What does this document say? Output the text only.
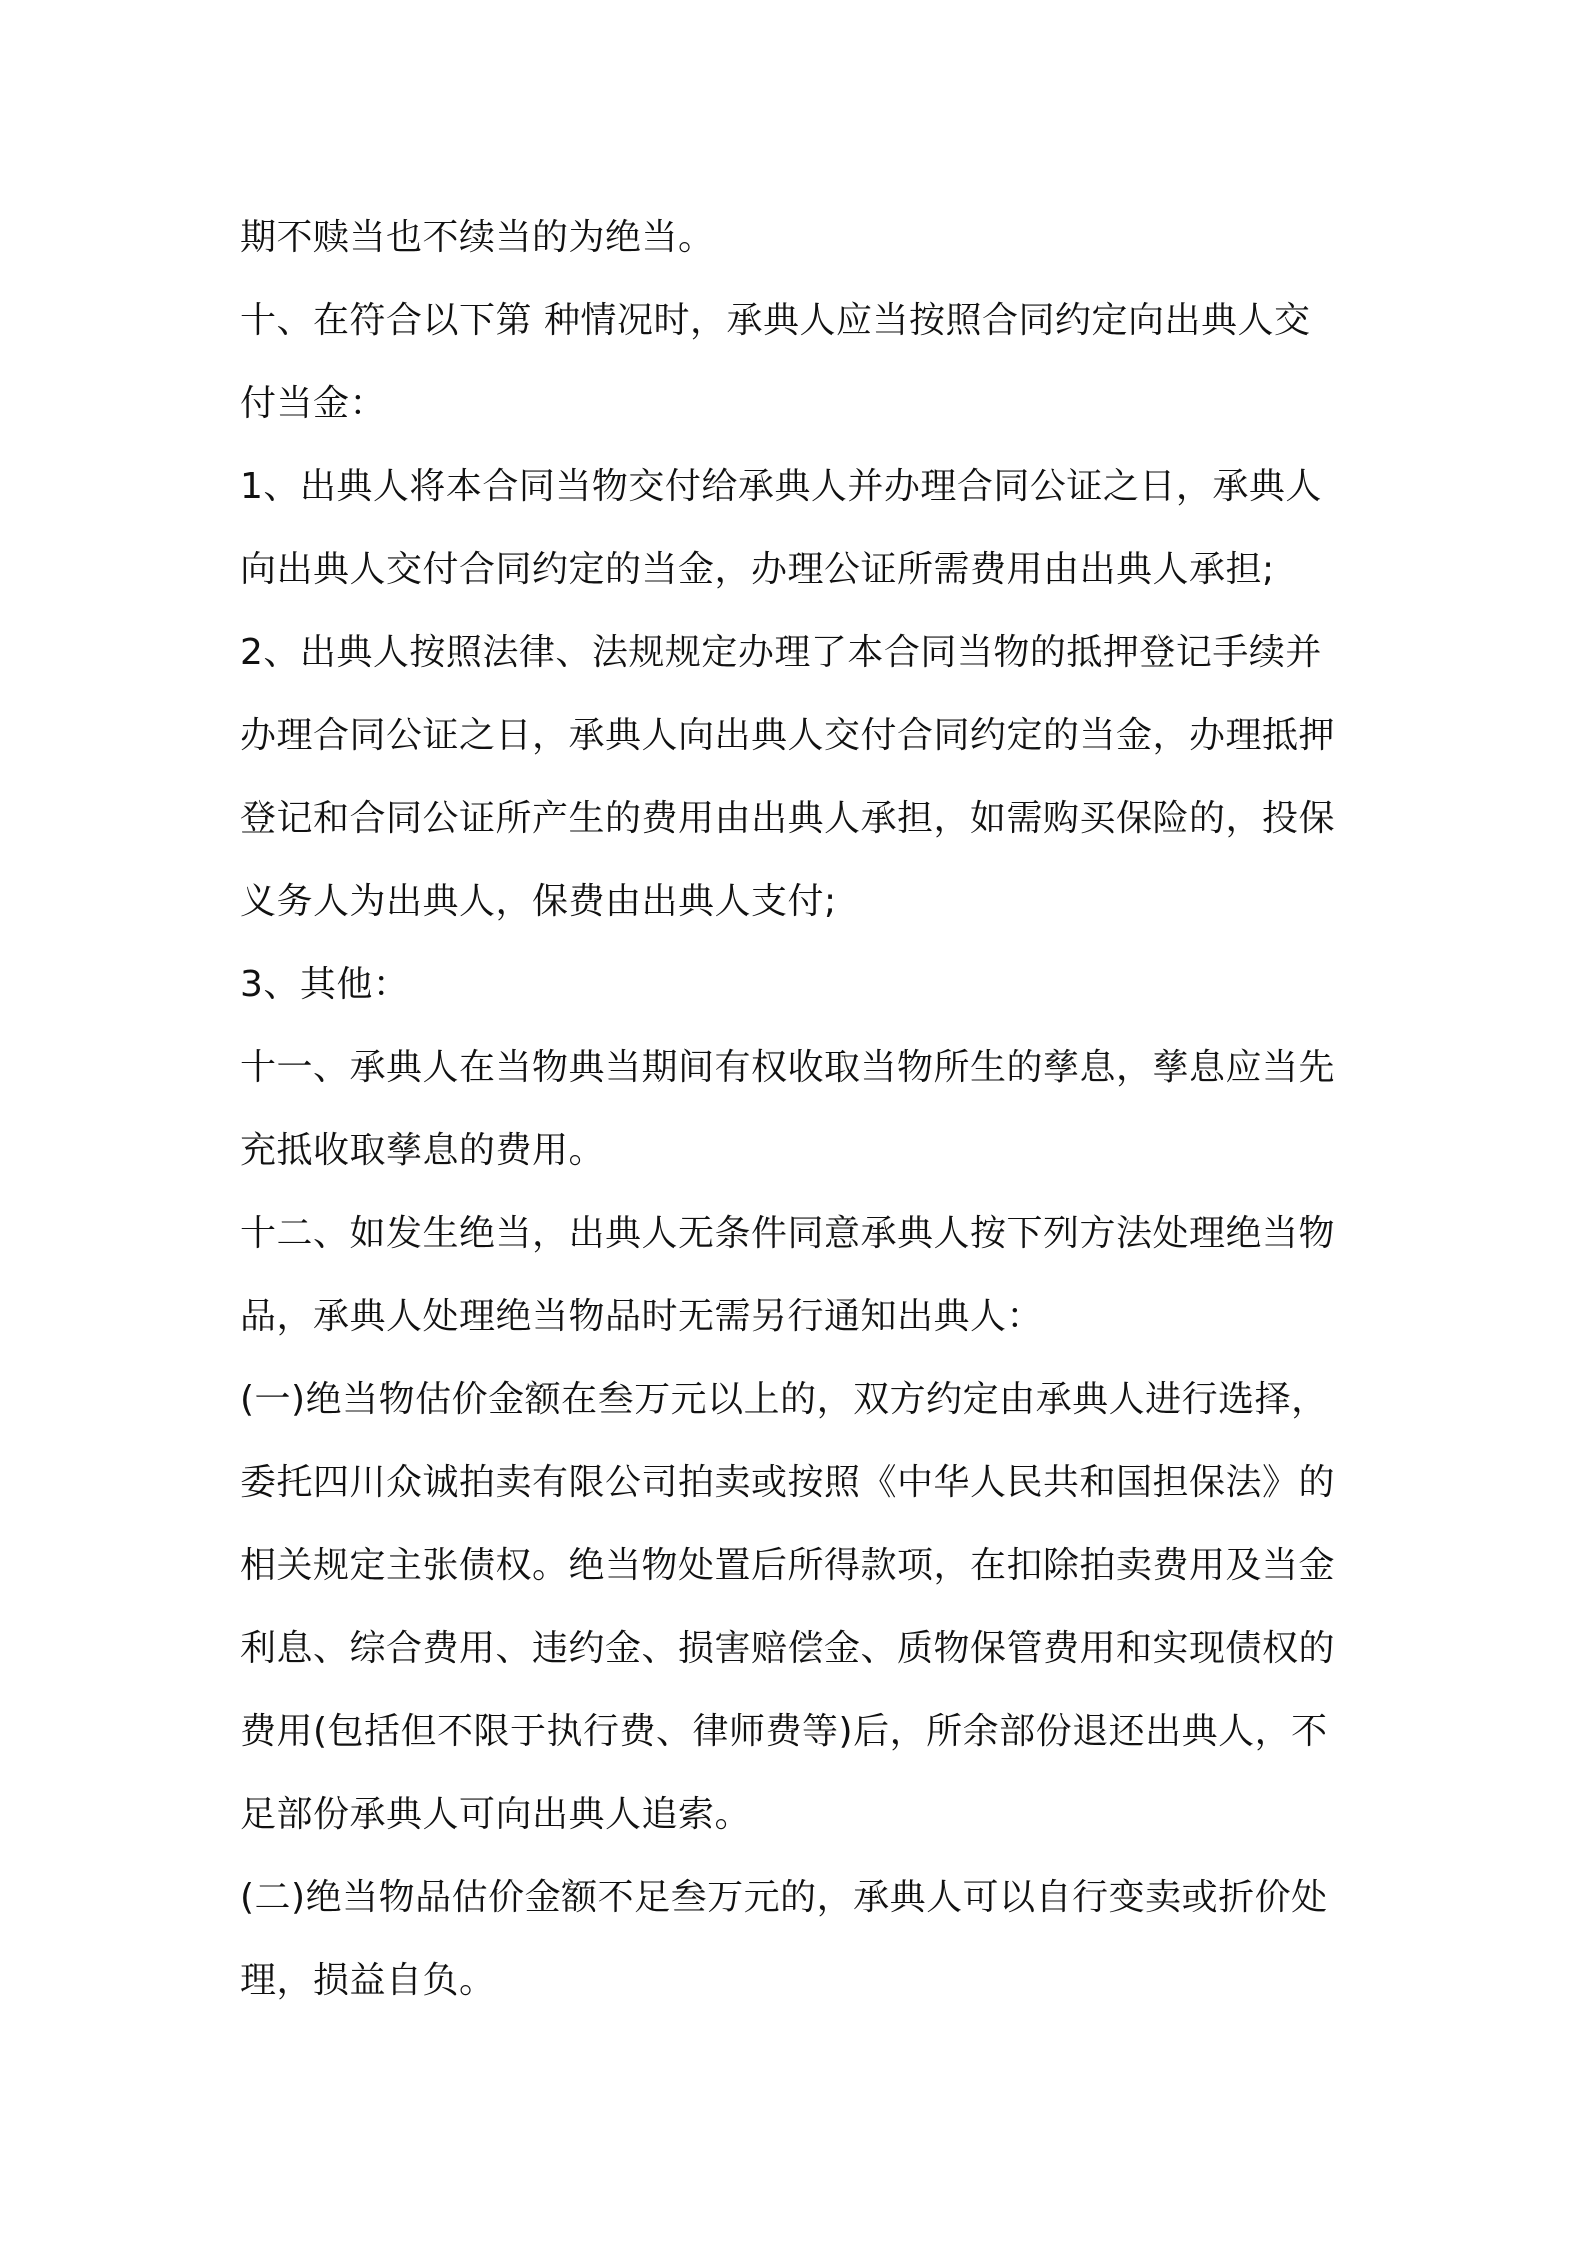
期不赎当也不续当的为绝当。
十、在符合以下第 种情况时，承典人应当按照合同约定向出典人交
付当金：
1、出典人将本合同当物交付给承典人并办理合同公证之日，承典人
向出典人交付合同约定的当金，办理公证所需费用由出典人承担;
2、出典人按照法律、法规规定办理了本合同当物的抵押登记手续并
办理合同公证之日，承典人向出典人交付合同约定的当金，办理抵押
登记和合同公证所产生的费用由出典人承担，如需购买保险的，投保
义务人为出典人，保费由出典人支付;
3、其他：
十一、承典人在当物典当期间有权收取当物所生的孳息，孳息应当先
充抵收取孳息的费用。
十二、如发生绝当，出典人无条件同意承典人按下列方法处理绝当物
品，承典人处理绝当物品时无需另行通知出典人：
(一)绝当物估价金额在叁万元以上的，双方约定由承典人进行选择，
委托四川众诚拍卖有限公司拍卖或按照《中华人民共和国担保法》的
相关规定主张债权。绝当物处置后所得款项，在扣除拍卖费用及当金
利息、综合费用、违约金、损害赔偿金、质物保管费用和实现债权的
费用(包括但不限于执行费、律师费等)后，所余部份退还出典人，不
足部份承典人可向出典人追索。
(二)绝当物品估价金额不足叁万元的，承典人可以自行变卖或折价处
理，损益自负。
